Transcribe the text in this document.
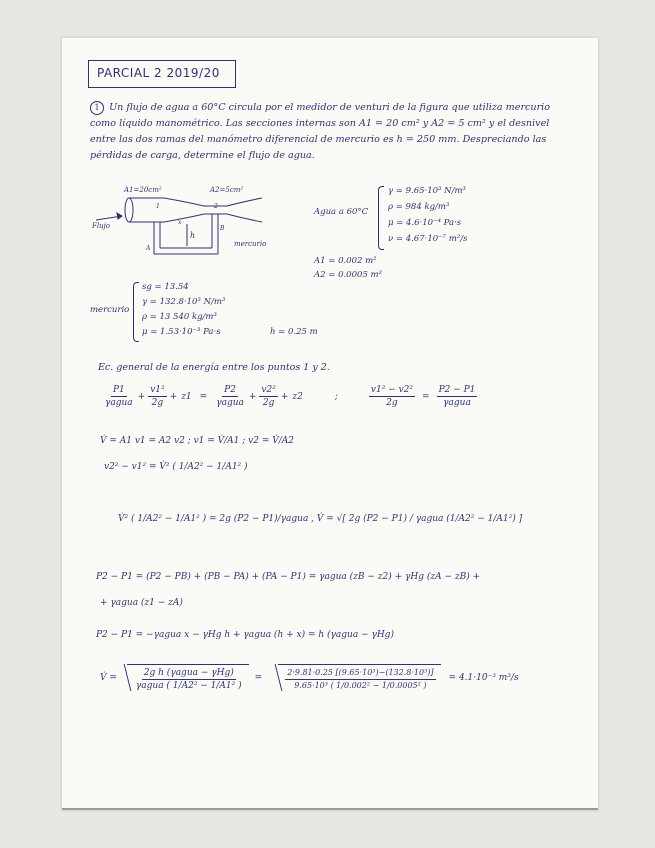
PARCIAL 2 2019/20
1 Un flujo de agua a 60°C circula por el medidor de venturi de la figura que utiliza mercurio como líquido manométrico. Las secciones internas son A1 = 20 cm² y A2 = 5 cm² y el desnivel entre las dos ramas del manómetro diferencial de mercurio es h = 250 mm. Despreciando las pérdidas de carga, determine el flujo de agua.
A1=20cm²	A2=5cm²
Flujo
1	2
x
h
A
B
mercurio
Agua a 60°C
γ = 9.65·10³ N/m³
ρ = 984 kg/m³
μ = 4.6·10⁻⁴ Pa·s
ν = 4.67·10⁻⁷ m²/s
A1 = 0.002 m²
A2 = 0.0005 m²
mercurio
sg = 13.54
γ = 132.8·10³ N/m³
ρ = 13 540 kg/m³
μ = 1.53·10⁻³ Pa·s	h = 0.25 m
Ec. general de la energía entre los puntos 1 y 2.
$\frac{P1}{\text{γagua}} + \frac{\text{v1²}}{2g} + z1 = \frac{P2}{\text{γagua}} + \frac{\text{v2²}}{2g} + z2$	;	$\frac{\text{v1² − v2²}}{2g} = \frac{P2 - P1}{\text{γagua}}$
V̇ = A1 v1 = A2 v2 ; v1 = V̇/A1 ; v2 = V̇/A2
v2² − v1² = V̇² ( 1/A2² − 1/A1² )
V̇² ( 1/A2² − 1/A1² ) = 2g (P2 − P1)/γagua , V̇ = √[ 2g (P2 − P1) / γagua (1/A2² − 1/A1²) ]
P2 − P1 = (P2 − PB) + (PB − PA) + (PA − P1) = γagua (zB − z2) + γHg (zA − zB) +
+ γagua (z1 − zA)
P2 − P1 = −γagua x − γHg h + γagua (h + x) = h (γagua − γHg)
V̇ = $\frac{\text{2g h (γagua − γHg)}}{\text{γagua ( 1/A2² − 1/A1² )}}$ =	$\frac{\text{2·9.81·0.25 [(9.65·10³)−(132.8·10³)]}}{\text{9.65·10³ ( 1/0.002² − 1/0.0005² )}} = 4.1\cdot 10^{-3}$ m³/s
